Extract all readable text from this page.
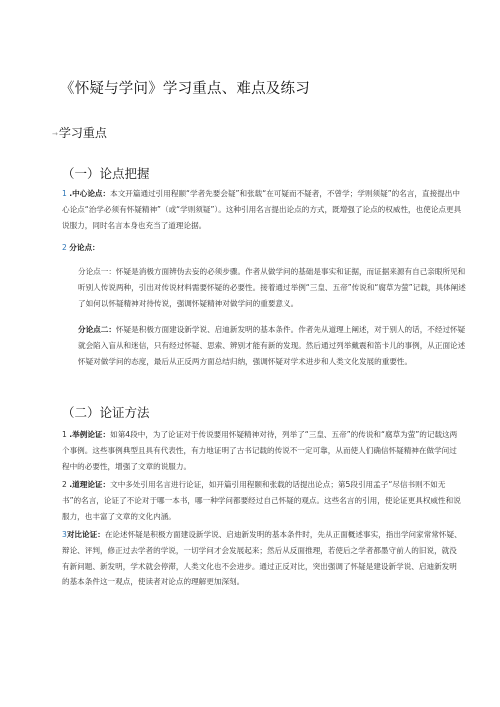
《怀疑与学问》学习重点、难点及练习
→学习重点
（一）论点把握
1 .中心论点：本文开篇通过引用程颐“学者先要会疑”和张载“在可疑而不疑者，不曾学；学则须疑”的名言，直接提出中心论点“治学必须有怀疑精神”（或“学则须疑”）。这种引用名言提出论点的方式，既增强了论点的权威性，也使论点更具说服力，同时名言本身也充当了道理论据。
2 分论点：
分论点一：怀疑是消极方面辨伪去妄的必须步骤。作者从做学问的基础是事实和证据，而证据来源有自己亲眼所见和听别人传说两种，引出对传说材料需要怀疑的必要性。接着通过举例“三皇、五帝”传说和“腐草为萤”记载，具体阐述了如何以怀疑精神对待传说，强调怀疑精神对做学问的重要意义。
分论点二：怀疑是积极方面建设新学说、启迪新发明的基本条件。作者先从道理上阐述，对于别人的话，不经过怀疑就会陷入盲从和迷信，只有经过怀疑、思索、辨别才能有新的发现。然后通过列举戴震和笛卡儿的事例，从正面论述怀疑对做学问的态度，最后从正反两方面总结归纳，强调怀疑对学术进步和人类文化发展的重要性。
（二）论证方法
1 .举例论证：如第4段中，为了论证对于传说要用怀疑精神对待，列举了“三皇、五帝”的传说和“腐草为萤”的记载这两个事例。这些事例典型且具有代表性，有力地证明了古书记载的传说不一定可靠，从而使人们确信怀疑精神在做学问过程中的必要性，增强了文章的说服力。
2 .道理论证：文中多处引用名言进行论证，如开篇引用程颐和张载的话提出论点；第5段引用孟子“尽信书则不如无书”的名言，论证了不论对于哪一本书，哪一种学问都要经过自己怀疑的观点。这些名言的引用，使论证更具权威性和说服力，也丰富了文章的文化内涵。
3对比论证：在论述怀疑是积极方面建设新学说、启迪新发明的基本条件时，先从正面概述事实，指出学问家常常怀疑、辩论、评判，修正过去学者的学说，一切学问才会发展起来；然后从反面推理，若使后之学者都墨守前人的旧说，就没有新问题、新发明，学术就会停滞，人类文化也不会进步。通过正反对比，突出强调了怀疑是建设新学说、启迪新发明的基本条件这一观点，使读者对论点的理解更加深刻。
